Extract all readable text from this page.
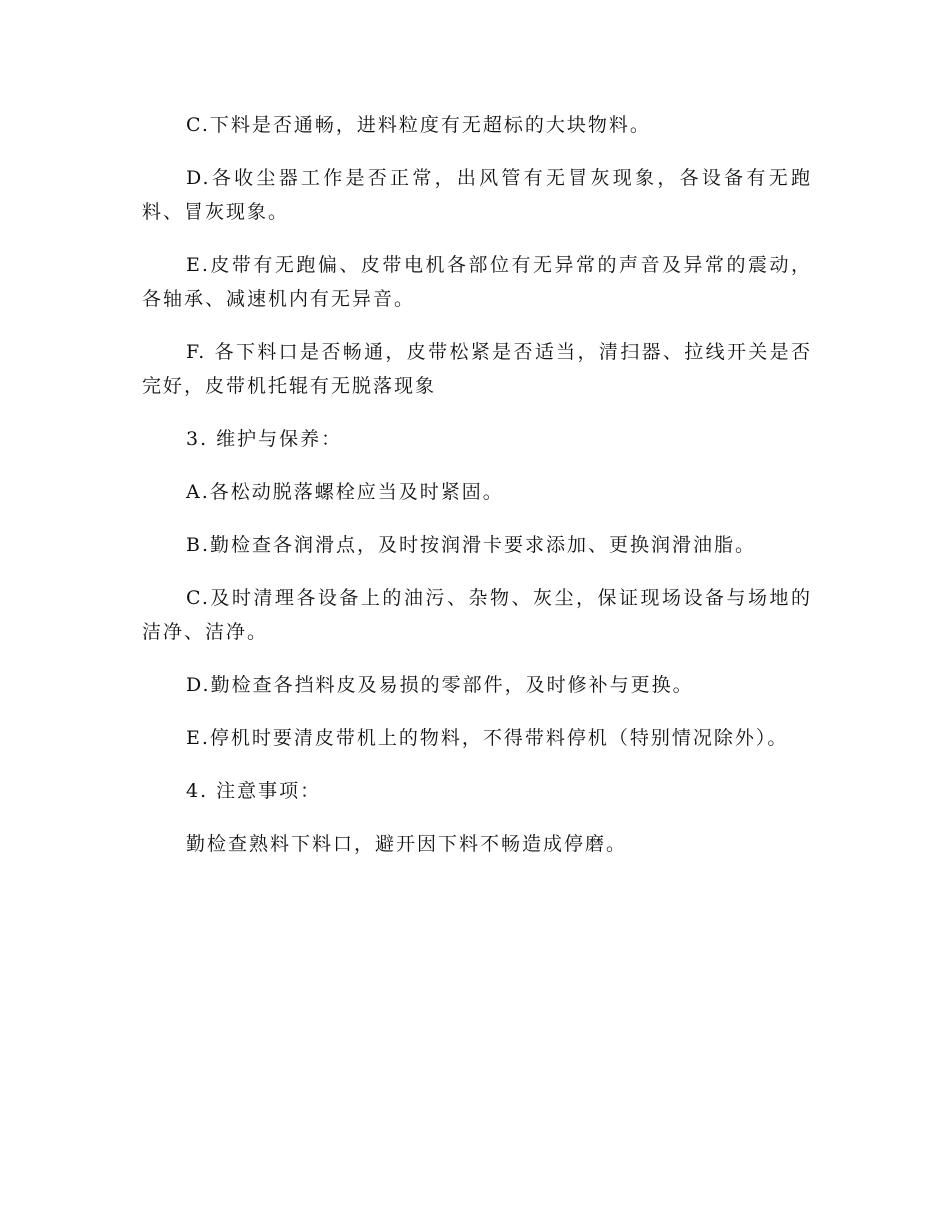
C.下料是否通畅，进料粒度有无超标的大块物料。

D.各收尘器工作是否正常，出风管有无冒灰现象，各设备有无跑料、冒灰现象。

E.皮带有无跑偏、皮带电机各部位有无异常的声音及异常的震动，各轴承、减速机内有无异音。

F. 各下料口是否畅通，皮带松紧是否适当，清扫器、拉线开关是否完好，皮带机托辊有无脱落现象

3. 维护与保养：

A.各松动脱落螺栓应当及时紧固。

B.勤检查各润滑点，及时按润滑卡要求添加、更换润滑油脂。

C.及时清理各设备上的油污、杂物、灰尘，保证现场设备与场地的洁净、洁净。

D.勤检查各挡料皮及易损的零部件，及时修补与更换。

E.停机时要清皮带机上的物料，不得带料停机（特别情况除外）。

4. 注意事项：

勤检查熟料下料口，避开因下料不畅造成停磨。
